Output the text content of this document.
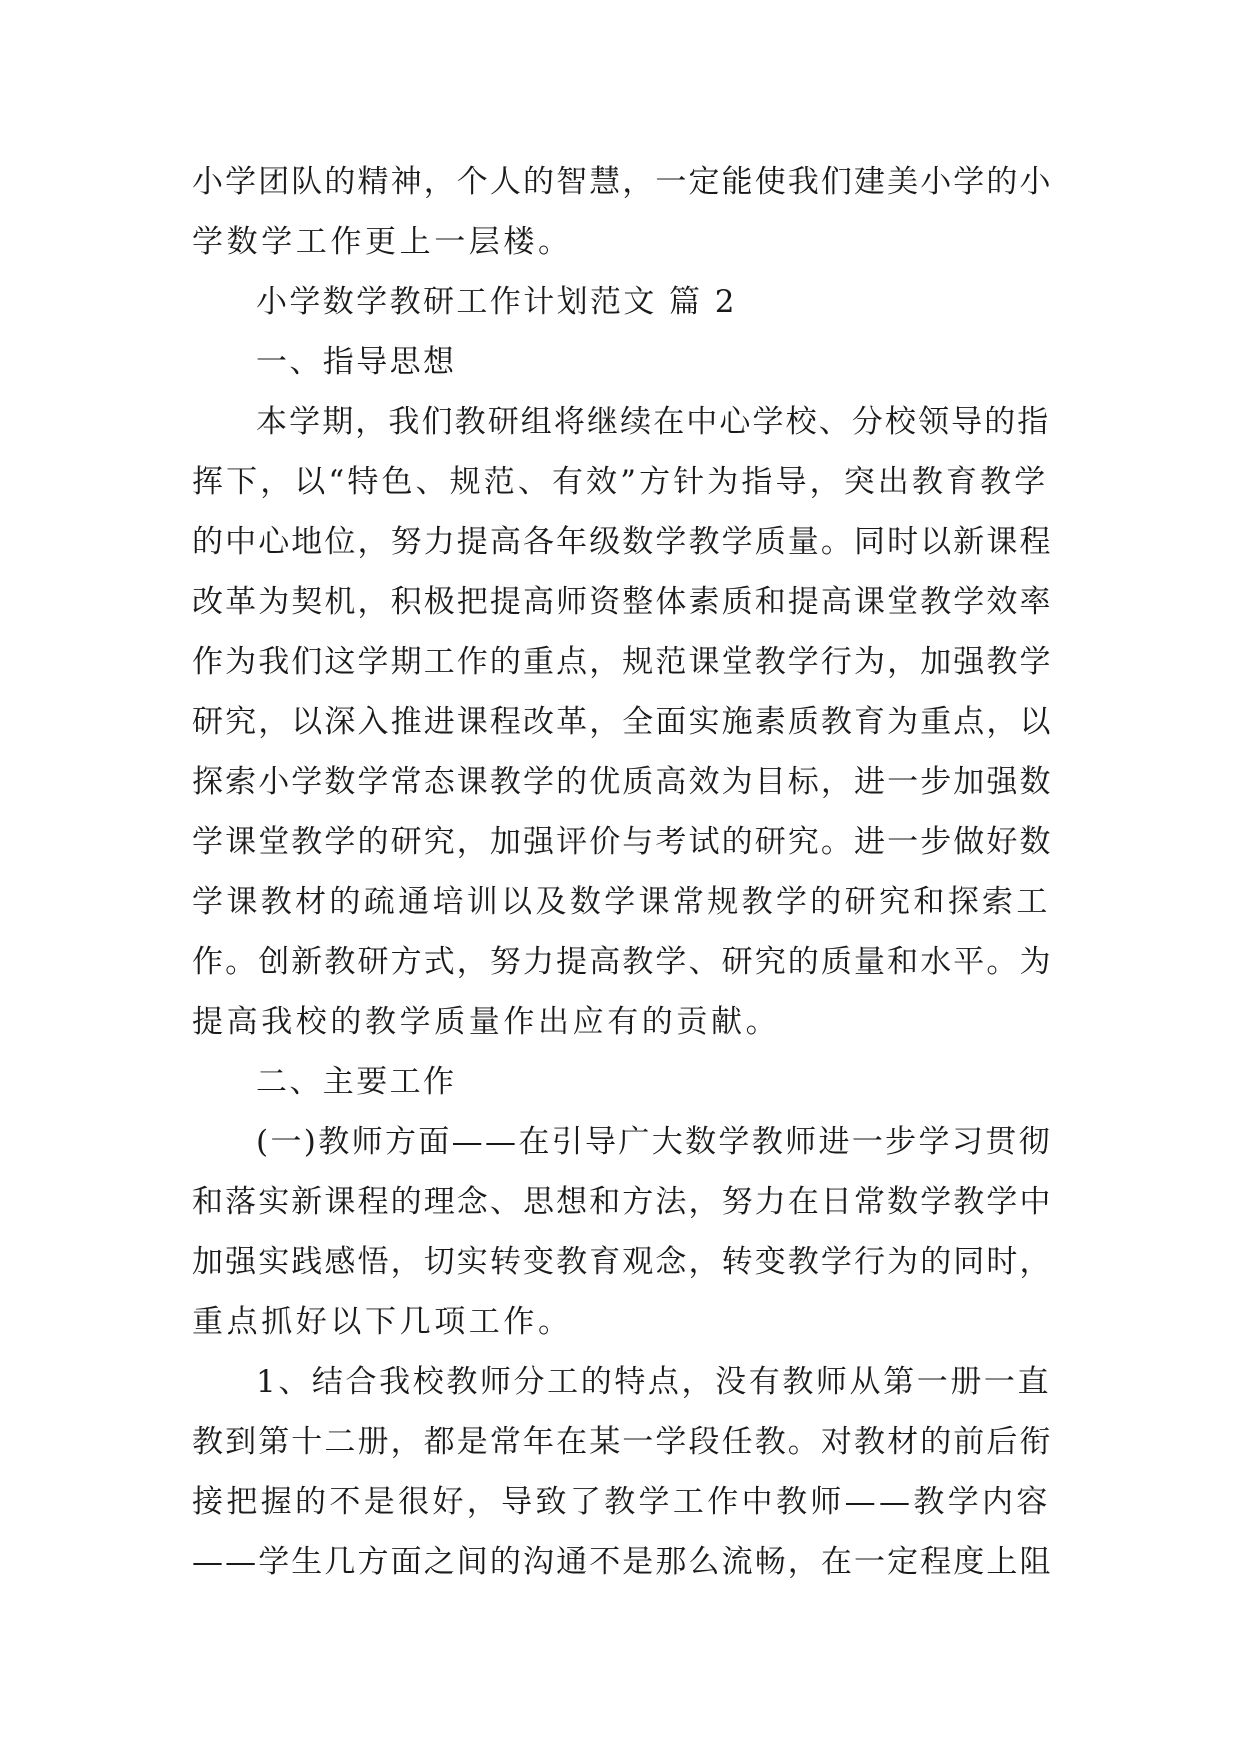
小学团队的精神，个人的智慧，一定能使我们建美小学的小
学数学工作更上一层楼。
小学数学教研工作计划范文 篇 2
一、指导思想
本学期，我们教研组将继续在中心学校、分校领导的指
挥下，以“特色、规范、有效”方针为指导，突出教育教学
的中心地位，努力提高各年级数学教学质量。同时以新课程
改革为契机，积极把提高师资整体素质和提高课堂教学效率
作为我们这学期工作的重点，规范课堂教学行为，加强教学
研究，以深入推进课程改革，全面实施素质教育为重点，以
探索小学数学常态课教学的优质高效为目标，进一步加强数
学课堂教学的研究，加强评价与考试的研究。进一步做好数
学课教材的疏通培训以及数学课常规教学的研究和探索工
作。创新教研方式，努力提高教学、研究的质量和水平。为
提高我校的教学质量作出应有的贡献。
二、主要工作
(一)教师方面——在引导广大数学教师进一步学习贯彻
和落实新课程的理念、思想和方法，努力在日常数学教学中
加强实践感悟，切实转变教育观念，转变教学行为的同时，
重点抓好以下几项工作。
1、结合我校教师分工的特点，没有教师从第一册一直
教到第十二册，都是常年在某一学段任教。对教材的前后衔
接把握的不是很好，导致了教学工作中教师——教学内容
——学生几方面之间的沟通不是那么流畅，在一定程度上阻
